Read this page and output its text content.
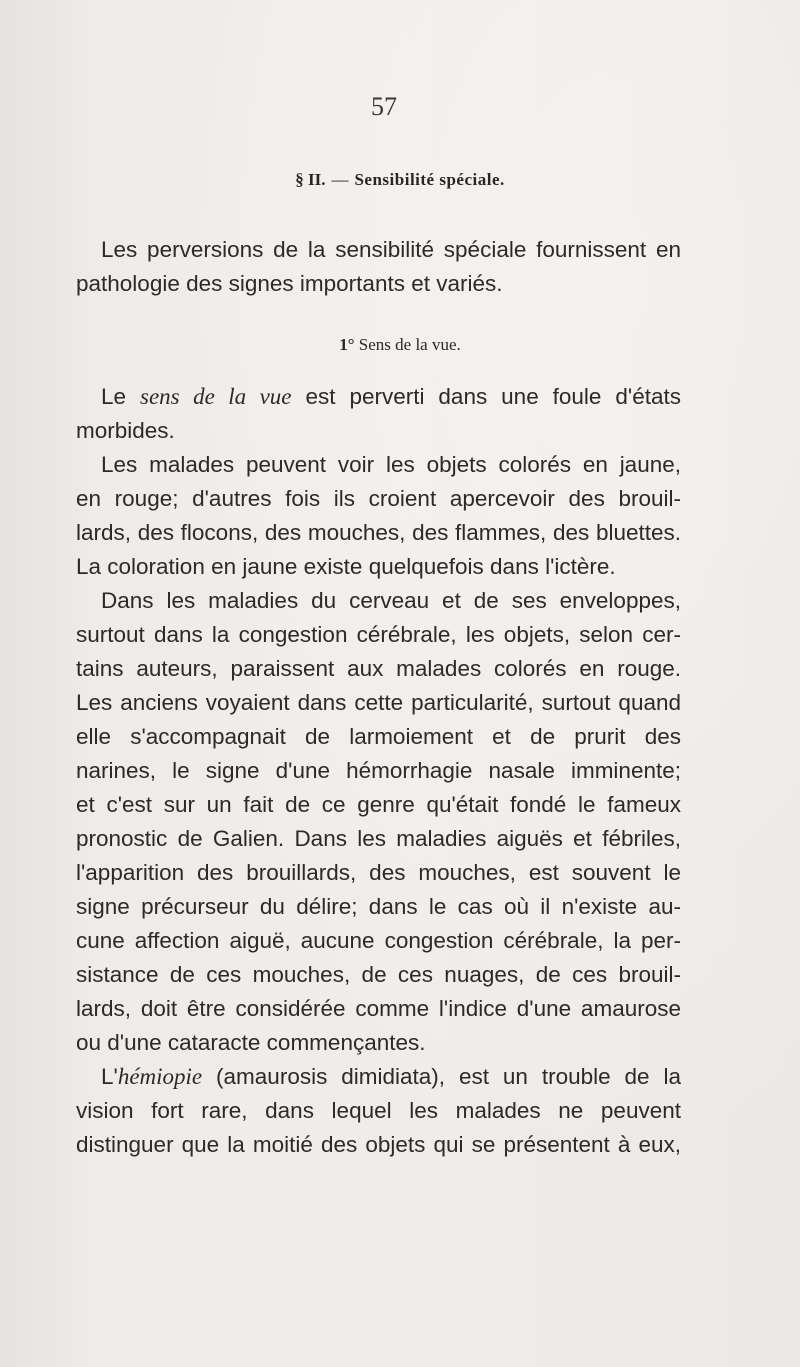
57
§ II. — Sensibilité spéciale.
Les perversions de la sensibilité spéciale fournissent en
pathologie des signes importants et variés.
1° Sens de la vue.
Le sens de la vue est perverti dans une foule d'états
morbides.
Les malades peuvent voir les objets colorés en jaune,
en rouge; d'autres fois ils croient apercevoir des brouil-
lards, des flocons, des mouches, des flammes, des bluettes.
La coloration en jaune existe quelquefois dans l'ictère.
Dans les maladies du cerveau et de ses enveloppes,
surtout dans la congestion cérébrale, les objets, selon cer-
tains auteurs, paraissent aux malades colorés en rouge.
Les anciens voyaient dans cette particularité, surtout quand
elle s'accompagnait de larmoiement et de prurit des
narines, le signe d'une hémorrhagie nasale imminente;
et c'est sur un fait de ce genre qu'était fondé le fameux
pronostic de Galien. Dans les maladies aiguës et fébriles,
l'apparition des brouillards, des mouches, est souvent le
signe précurseur du délire; dans le cas où il n'existe au-
cune affection aiguë, aucune congestion cérébrale, la per-
sistance de ces mouches, de ces nuages, de ces brouil-
lards, doit être considérée comme l'indice d'une amaurose
ou d'une cataracte commençantes.
L'hémiopie (amaurosis dimidiata), est un trouble de la
vision fort rare, dans lequel les malades ne peuvent
distinguer que la moitié des objets qui se présentent à eux,
